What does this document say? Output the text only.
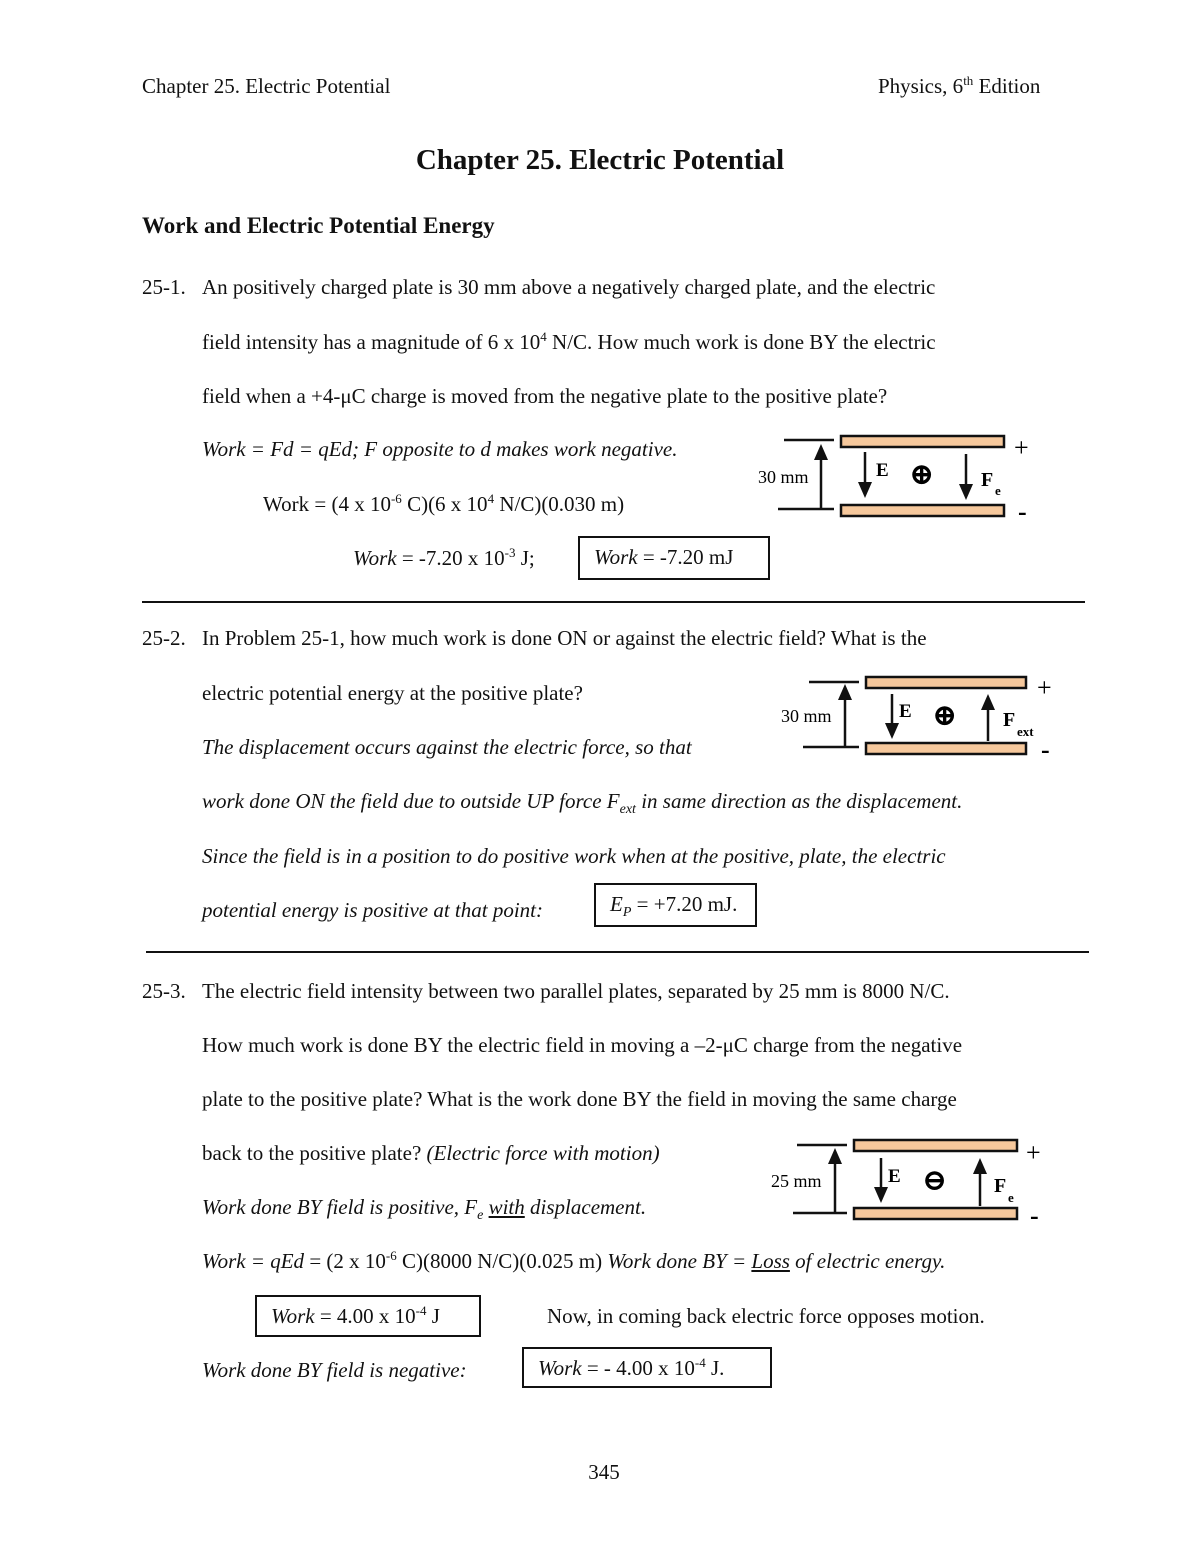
Chapter 25. Electric Potential	Physics, 6th Edition
Chapter 25. Electric Potential
Work and Electric Potential Energy
25-1. An positively charged plate is 30 mm above a negatively charged plate, and the electric
field intensity has a magnitude of 6 x $10^4$ N/C. How much work is done BY the electric
field when a +4-μC charge is moved from the negative plate to the positive plate?
Work = Fd = qEd; F opposite to d makes work negative.
Work = (4 x $10^{-6}$ C)(6 x $10^4$ N/C)(0.030 m)
Work = -7.20 x $10^{-3}$ J;	Work = -7.20 mJ
30 mm	E ⊕ F e
+
-
25-2. In Problem 25-1, how much work is done ON or against the electric field? What is the
electric potential energy at the positive plate?
The displacement occurs against the electric force, so that
work done ON the field due to outside UP force $F_{ext}$ in same direction as the displacement.
Since the field is in a position to do positive work when at the positive, plate, the electric
potential energy is positive at that point:	$E_P = +7.20$ mJ.
30 mm	E ⊕ F
ext
+
-
25-3. The electric field intensity between two parallel plates, separated by 25 mm is 8000 N/C.
How much work is done BY the electric field in moving a –2-μC charge from the negative
plate to the positive plate? What is the work done BY the field in moving the same charge
back to the positive plate? (Electric force with motion)
Work done BY field is positive, $F_e$ with displacement.
Work = qEd = (2 x $10^{-6}$ C)(8000 N/C)(0.025 m) Work done BY = Loss of electric energy.
Work = 4.00 x $10^{-4}$ J	Now, in coming back electric force opposes motion.
Work done BY field is negative:	Work = - 4.00 x $10^{-4}$ J.
25 mm	E ⊖ F
e
+
-
345
